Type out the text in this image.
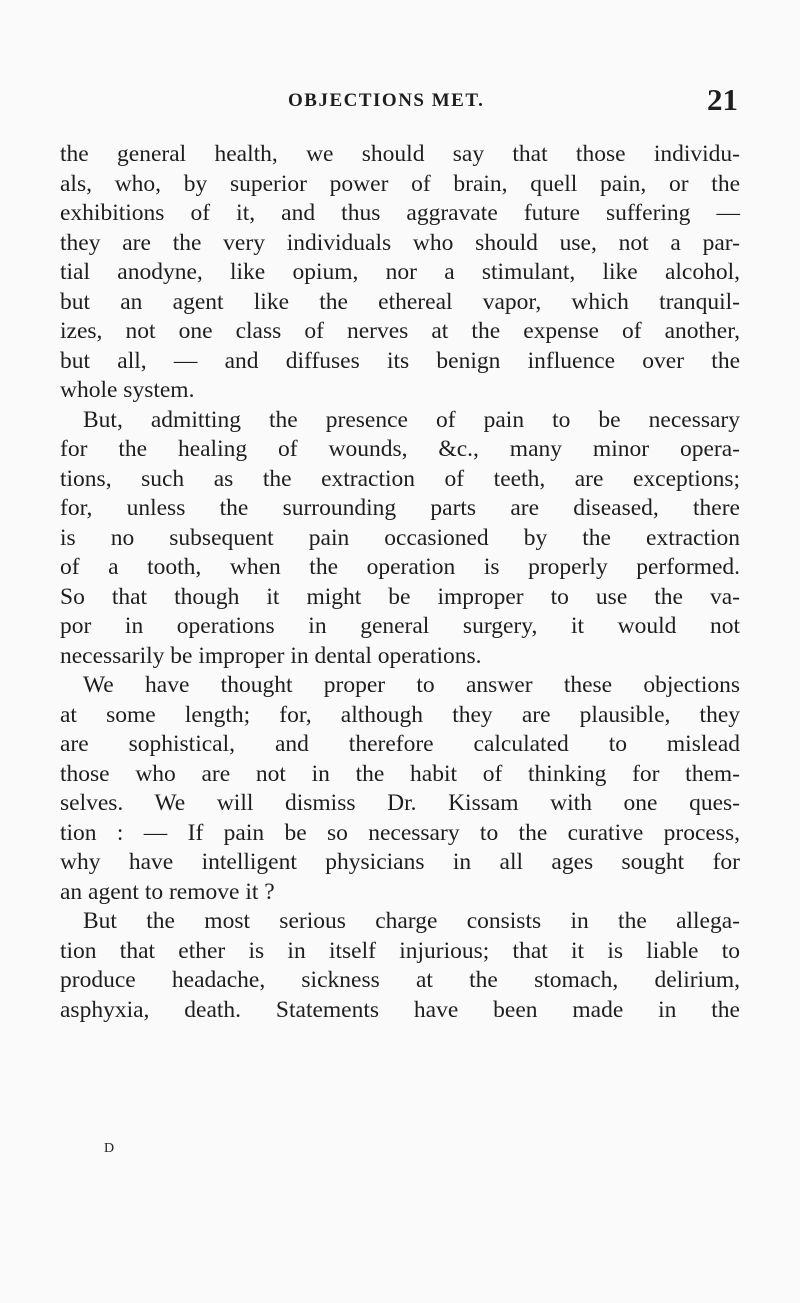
OBJECTIONS MET.	21
the general health, we should say that those individu-
als, who, by superior power of brain, quell pain, or the
exhibitions of it, and thus aggravate future suffering —
they are the very individuals who should use, not a par-
tial anodyne, like opium, nor a stimulant, like alcohol,
but an agent like the ethereal vapor, which tranquil-
izes, not one class of nerves at the expense of another,
but all, — and diffuses its benign influence over the
whole system.
But, admitting the presence of pain to be necessary
for the healing of wounds, &c., many minor opera-
tions, such as the extraction of teeth, are exceptions;
for, unless the surrounding parts are diseased, there
is no subsequent pain occasioned by the extraction
of a tooth, when the operation is properly performed.
So that though it might be improper to use the va-
por in operations in general surgery, it would not
necessarily be improper in dental operations.
We have thought proper to answer these objections
at some length; for, although they are plausible, they
are sophistical, and therefore calculated to mislead
those who are not in the habit of thinking for them-
selves. We will dismiss Dr. Kissam with one ques-
tion : — If pain be so necessary to the curative process,
why have intelligent physicians in all ages sought for
an agent to remove it ?
But the most serious charge consists in the allega-
tion that ether is in itself injurious; that it is liable to
produce headache, sickness at the stomach, delirium,
asphyxia, death. Statements have been made in the
D
